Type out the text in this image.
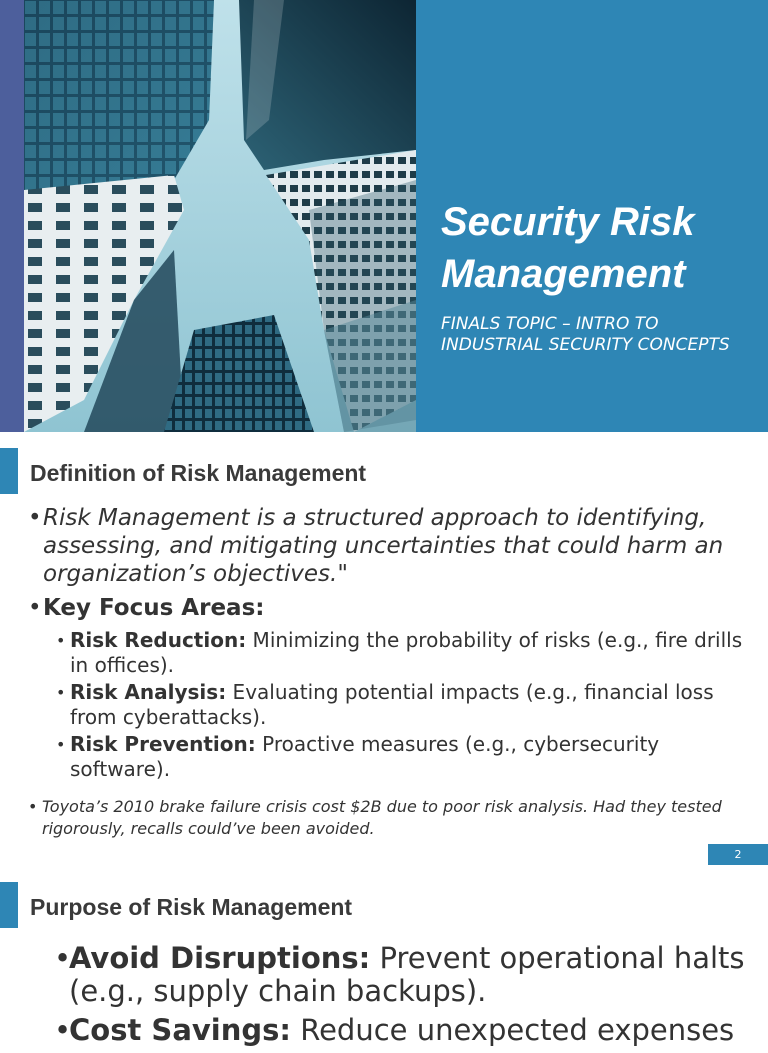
Security Risk Management

FINALS TOPIC – INTRO TO INDUSTRIAL SECURITY CONCEPTS

Definition of Risk Management
• Risk Management is a structured approach to identifying, assessing, and mitigating uncertainties that could harm an organization’s objectives."
• Key Focus Areas:
• Risk Reduction: Minimizing the probability of risks (e.g., fire drills in offices).
• Risk Analysis: Evaluating potential impacts (e.g., financial loss from cyberattacks).
• Risk Prevention: Proactive measures (e.g., cybersecurity software).
• Toyota’s 2010 brake failure crisis cost $2B due to poor risk analysis. Had they tested rigorously, recalls could’ve been avoided.
2
Purpose of Risk Management
•
Avoid Disruptions: Prevent operational halts (e.g., supply chain backups).
•
Cost Savings: Reduce unexpected expenses
